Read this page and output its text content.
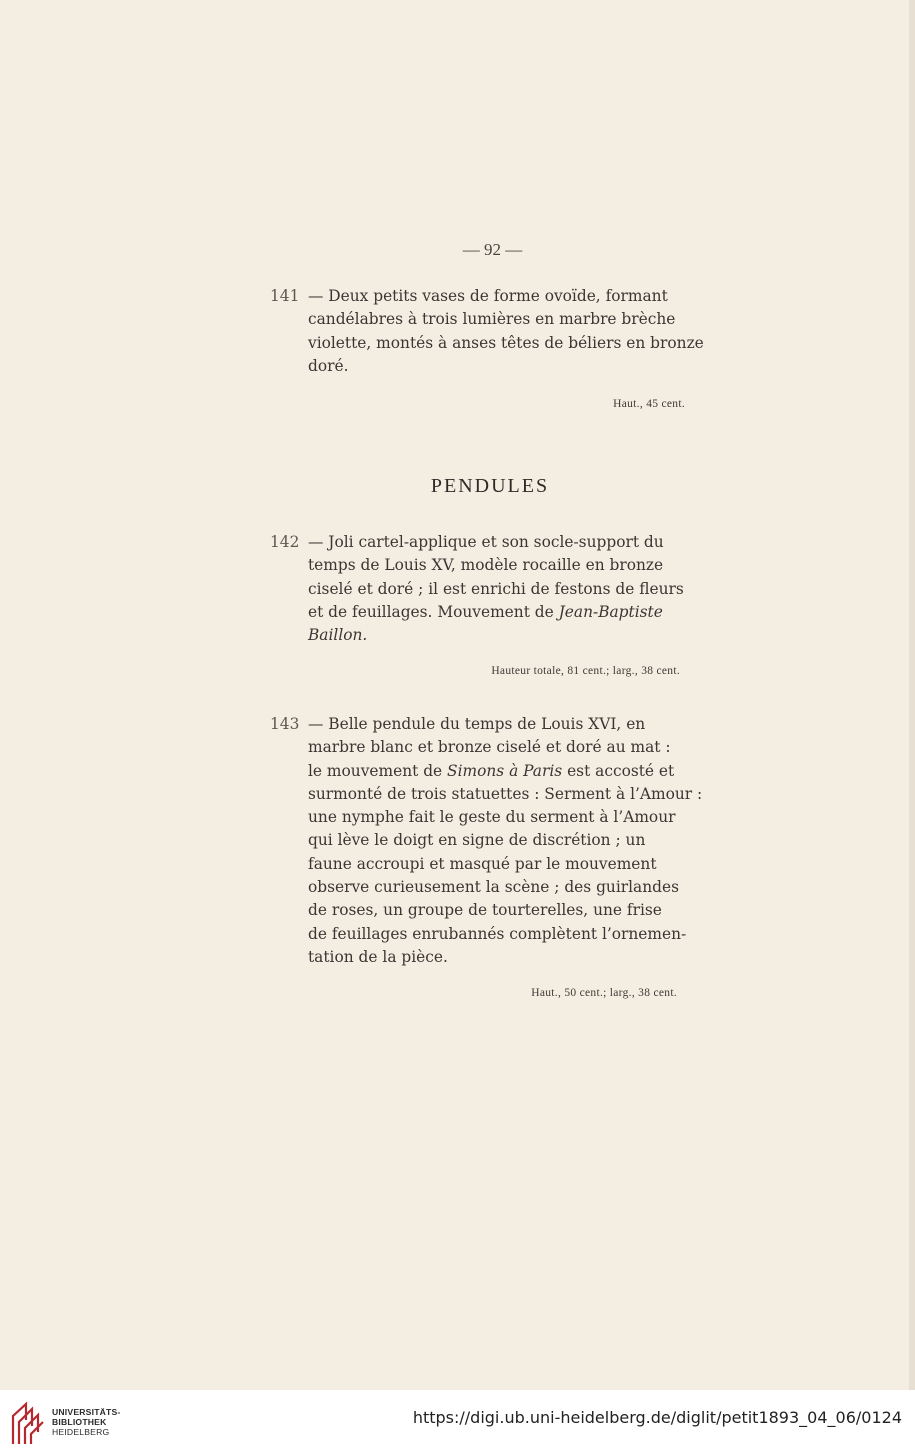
— 92 —

141 — Deux petits vases de forme ovoïde, formant
candélabres à trois lumières en marbre brèche
violette, montés à anses têtes de béliers en bronze
doré.

Haut., 45 cent.
PENDULES

142 — Joli cartel-applique et son socle-support du
temps de Louis XV, modèle rocaille en bronze
ciselé et doré ; il est enrichi de festons de fleurs
et de feuillages. Mouvement de Jean-Baptiste
Baillon.

Hauteur totale, 81 cent.; larg., 38 cent.

143 — Belle pendule du temps de Louis XVI, en
marbre blanc et bronze ciselé et doré au mat :
le mouvement de Simons à Paris est accosté et
surmonté de trois statuettes : Serment à l’Amour :
une nymphe fait le geste du serment à l’Amour
qui lève le doigt en signe de discrétion ; un
faune accroupi et masqué par le mouvement
observe curieusement la scène ; des guirlandes
de roses, un groupe de tourterelles, une frise
de feuillages enrubannés complètent l’ornemen-
tation de la pièce.

Haut., 50 cent.; larg., 38 cent.
UNIVERSITÄTS-
BIBLIOTHEK
HEIDELBERG
https://digi.ub.uni-heidelberg.de/diglit/petit1893_04_06/0124
